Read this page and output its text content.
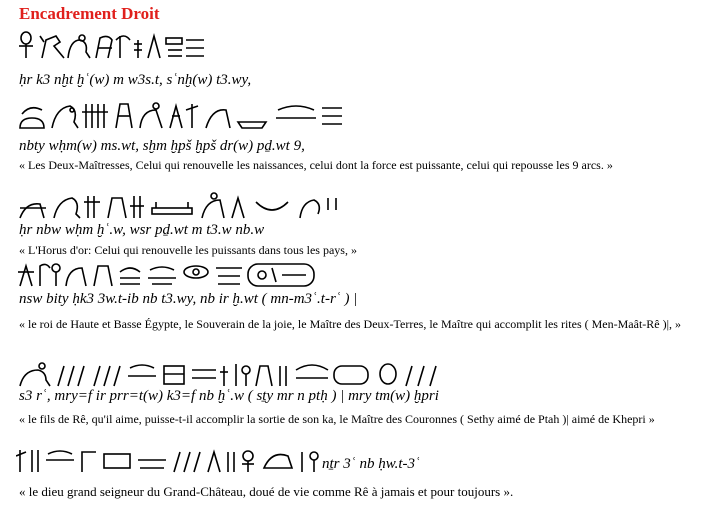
Encadrement Droit
ḥr k3 nḫt ḫʿ(w) m w3s.t, sʿnḫ(w) t3.wy,
nbty wḥm(w) ms.wt, sḫm ḫpš ḫpš dr(w) pḏ.wt 9,
« Les Deux-Maîtresses, Celui qui renouvelle les naissances, celui dont la force est puissante, celui qui repousse les 9 arcs. »
ḥr nbw wḥm ḫʿ.w, wsr pḏ.wt m t3.w nb.w
« L'Horus d'or: Celui qui renouvelle les puissants dans tous les pays, »
nsw bity ḥk3 3w.t-ib nb t3.wy, nb ir ḫ.wt ( mn-m3ʿ.t-rʿ ) |
« le roi de Haute et Basse Égypte, le Souverain de la joie, le Maître des Deux-Terres, le Maître qui accomplit les rites ( Men-Maât-Rê )|, »
s3 rʿ, mry=f ir prr=t(w) k3=f nb ḫʿ.w ( sṯy mr n ptḥ ) | mry tm(w) ḫpri
« le fils de Rê, qu'il aime, puisse-t-il accomplir la sortie de son ka, le Maître des Couronnes ( Sethy aimé de Ptah )| aimé de Khepri »
nṯr 3ʿ nb ḥw.t-3ʿ
« le dieu grand seigneur du Grand-Château, doué de vie comme Rê à jamais et pour toujours ».
